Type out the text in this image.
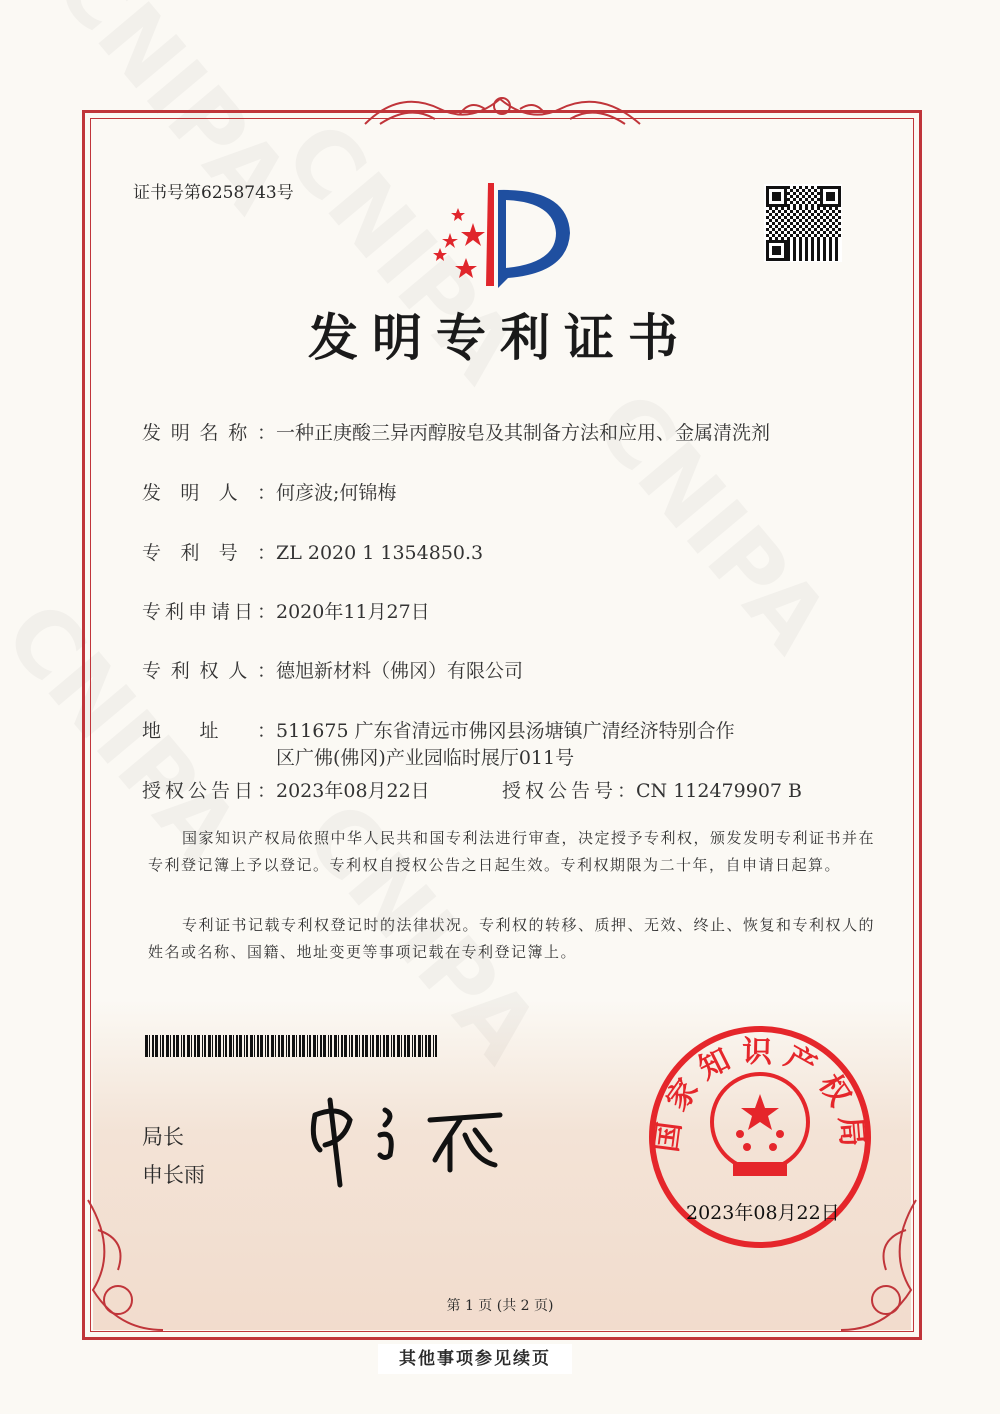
证书号第6258743号
发明专利证书
发明名称：一种正庚酸三异丙醇胺皂及其制备方法和应用、金属清洗剂
发明人：何彦波;何锦梅
专利号：ZL 2020 1 1354850.3
专利申请日：2020年11月27日
专利权人：德旭新材料（佛冈）有限公司
地址：511675 广东省清远市佛冈县汤塘镇广清经济特别合作
区广佛(佛冈)产业园临时展厅011号
授权公告日：2023年08月22日	授权公告号：CN 112479907 B
国家知识产权局依照中华人民共和国专利法进行审查，决定授予专利权，颁发发明专利证书并在专利登记簿上予以登记。专利权自授权公告之日起生效。专利权期限为二十年，自申请日起算。
专利证书记载专利权登记时的法律状况。专利权的转移、质押、无效、终止、恢复和专利权人的姓名或名称、国籍、地址变更等事项记载在专利登记簿上。
局长
申长雨
国家知识产权局
2023年08月22日
第 1 页 (共 2 页)
其他事项参见续页
